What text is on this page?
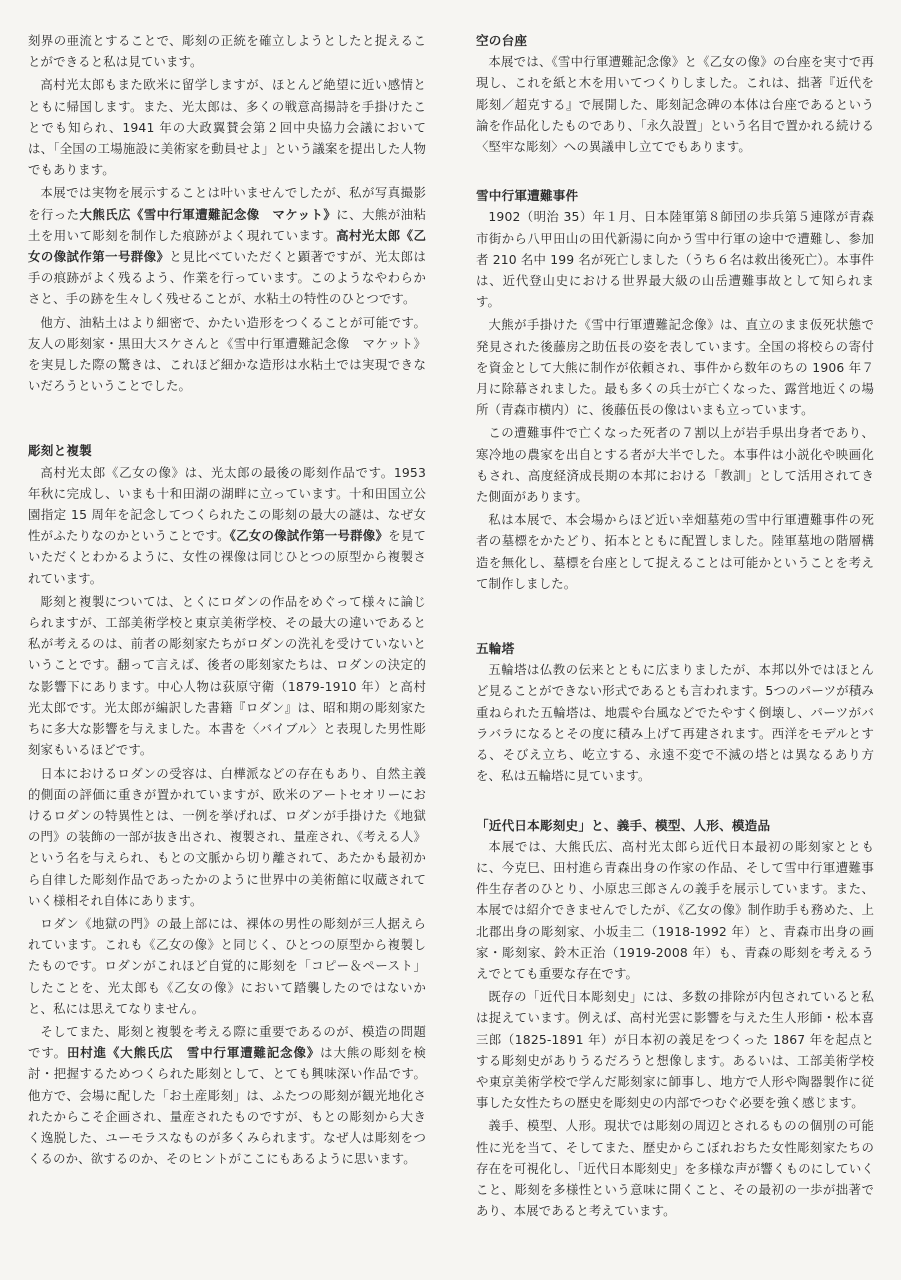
刻界の亜流とすることで、彫刻の正統を確立しようとしたと捉えることができると私は見ています。

高村光太郎もまた欧米に留学しますが、ほとんど絶望に近い感情とともに帰国します。また、光太郎は、多くの戦意高揚詩を手掛けたことでも知られ、1941 年の大政翼賛会第２回中央協力会議においては、「全国の工場施設に美術家を動員せよ」という議案を提出した人物でもあります。

本展では実物を展示することは叶いませんでしたが、私が写真撮影を行った大熊氏広《雪中行軍遭難記念像　マケット》に、大熊が油粘土を用いて彫刻を制作した痕跡がよく現れています。高村光太郎《乙女の像試作第一号群像》と見比べていただくと顕著ですが、光太郎は手の痕跡がよく残るよう、作業を行っています。このようなやわらかさと、手の跡を生々しく残せることが、水粘土の特性のひとつです。

他方、油粘土はより細密で、かたい造形をつくることが可能です。友人の彫刻家・黒田大スケさんと《雪中行軍遭難記念像　マケット》を実見した際の驚きは、これほど細かな造形は水粘土では実現できないだろうということでした。

彫刻と複製

高村光太郎《乙女の像》は、光太郎の最後の彫刻作品です。1953 年秋に完成し、いまも十和田湖の湖畔に立っています。十和田国立公園指定 15 周年を記念してつくられたこの彫刻の最大の謎は、なぜ女性がふたりなのかということです。《乙女の像試作第一号群像》を見ていただくとわかるように、女性の裸像は同じひとつの原型から複製されています。

彫刻と複製については、とくにロダンの作品をめぐって様々に論じられますが、工部美術学校と東京美術学校、その最大の違いであると私が考えるのは、前者の彫刻家たちがロダンの洗礼を受けていないということです。翻って言えば、後者の彫刻家たちは、ロダンの決定的な影響下にあります。中心人物は荻原守衛（1879-1910 年）と高村光太郎です。光太郎が編訳した書籍『ロダン』は、昭和期の彫刻家たちに多大な影響を与えました。本書を〈バイブル〉と表現した男性彫刻家もいるほどです。

日本におけるロダンの受容は、白樺派などの存在もあり、自然主義的側面の評価に重きが置かれていますが、欧米のアートセオリーにおけるロダンの特異性とは、一例を挙げれば、ロダンが手掛けた《地獄の門》の装飾の一部が抜き出され、複製され、量産され、《考える人》という名を与えられ、もとの文脈から切り離されて、あたかも最初から自律した彫刻作品であったかのように世界中の美術館に収蔵されていく様相それ自体にあります。

ロダン《地獄の門》の最上部には、裸体の男性の彫刻が三人据えられています。これも《乙女の像》と同じく、ひとつの原型から複製したものです。ロダンがこれほど自覚的に彫刻を「コピー＆ペースト」したことを、光太郎も《乙女の像》において踏襲したのではないかと、私には思えてなりません。

そしてまた、彫刻と複製を考える際に重要であるのが、模造の問題です。田村進《大熊氏広　雪中行軍遭難記念像》は大熊の彫刻を検討・把握するためつくられた彫刻として、とても興味深い作品です。他方で、会場に配した「お土産彫刻」は、ふたつの彫刻が観光地化されたからこそ企画され、量産されたものですが、もとの彫刻から大きく逸脱した、ユーモラスなものが多くみられます。なぜ人は彫刻をつくるのか、欲するのか、そのヒントがここにもあるように思います。

空の台座

本展では、《雪中行軍遭難記念像》と《乙女の像》の台座を実寸で再現し、これを紙と木を用いてつくりしました。これは、拙著『近代を彫刻／超克する』で展開した、彫刻記念碑の本体は台座であるという論を作品化したものであり、「永久設置」という名目で置かれる続ける〈堅牢な彫刻〉への異議申し立てでもあります。

雪中行軍遭難事件

1902（明治 35）年１月、日本陸軍第８師団の歩兵第５連隊が青森市街から八甲田山の田代新湯に向かう雪中行軍の途中で遭難し、参加者 210 名中 199 名が死亡しました（うち６名は救出後死亡）。本事件は、近代登山史における世界最大級の山岳遭難事故として知られます。

大熊が手掛けた《雪中行軍遭難記念像》は、直立のまま仮死状態で発見された後藤房之助伍長の姿を表しています。全国の将校らの寄付を資金として大熊に制作が依頼され、事件から数年のちの 1906 年７月に除幕されました。最も多くの兵士が亡くなった、露営地近くの場所（青森市横内）に、後藤伍長の像はいまも立っています。

この遭難事件で亡くなった死者の７割以上が岩手県出身者であり、寒冷地の農家を出自とする者が大半でした。本事件は小説化や映画化もされ、高度経済成長期の本邦における「教訓」として活用されてきた側面があります。

私は本展で、本会場からほど近い幸畑墓苑の雪中行軍遭難事件の死者の墓標をかたどり、拓本とともに配置しました。陸軍墓地の階層構造を無化し、墓標を台座として捉えることは可能かということを考えて制作しました。

五輪塔

五輪塔は仏教の伝来とともに広まりましたが、本邦以外ではほとんど見ることができない形式であるとも言われます。5つのパーツが積み重ねられた五輪塔は、地震や台風などでたやすく倒壊し、パーツがバラバラになるとその度に積み上げて再建されます。西洋をモデルとする、そびえ立ち、屹立する、永遠不変で不滅の塔とは異なるあり方を、私は五輪塔に見ています。

「近代日本彫刻史」と、義手、模型、人形、模造品

本展では、大熊氏広、高村光太郎ら近代日本最初の彫刻家とともに、今克巳、田村進ら青森出身の作家の作品、そして雪中行軍遭難事件生存者のひとり、小原忠三郎さんの義手を展示しています。また、本展では紹介できませんでしたが、《乙女の像》制作助手も務めた、上北郡出身の彫刻家、小坂圭二（1918-1992 年）と、青森市出身の画家・彫刻家、鈴木正治（1919-2008 年）も、青森の彫刻を考えるうえでとても重要な存在です。

既存の「近代日本彫刻史」には、多数の排除が内包されていると私は捉えています。例えば、高村光雲に影響を与えた生人形師・松本喜三郎（1825-1891 年）が日本初の義足をつくった 1867 年を起点とする彫刻史がありうるだろうと想像します。あるいは、工部美術学校や東京美術学校で学んだ彫刻家に師事し、地方で人形や陶器製作に従事した女性たちの歴史を彫刻史の内部でつむぐ必要を強く感じます。

義手、模型、人形。現状では彫刻の周辺とされるものの個別の可能性に光を当て、そしてまた、歴史からこぼれおちた女性彫刻家たちの存在を可視化し、「近代日本彫刻史」を多様な声が響くものにしていくこと、彫刻を多様性という意味に開くこと、その最初の一歩が拙著であり、本展であると考えています。
